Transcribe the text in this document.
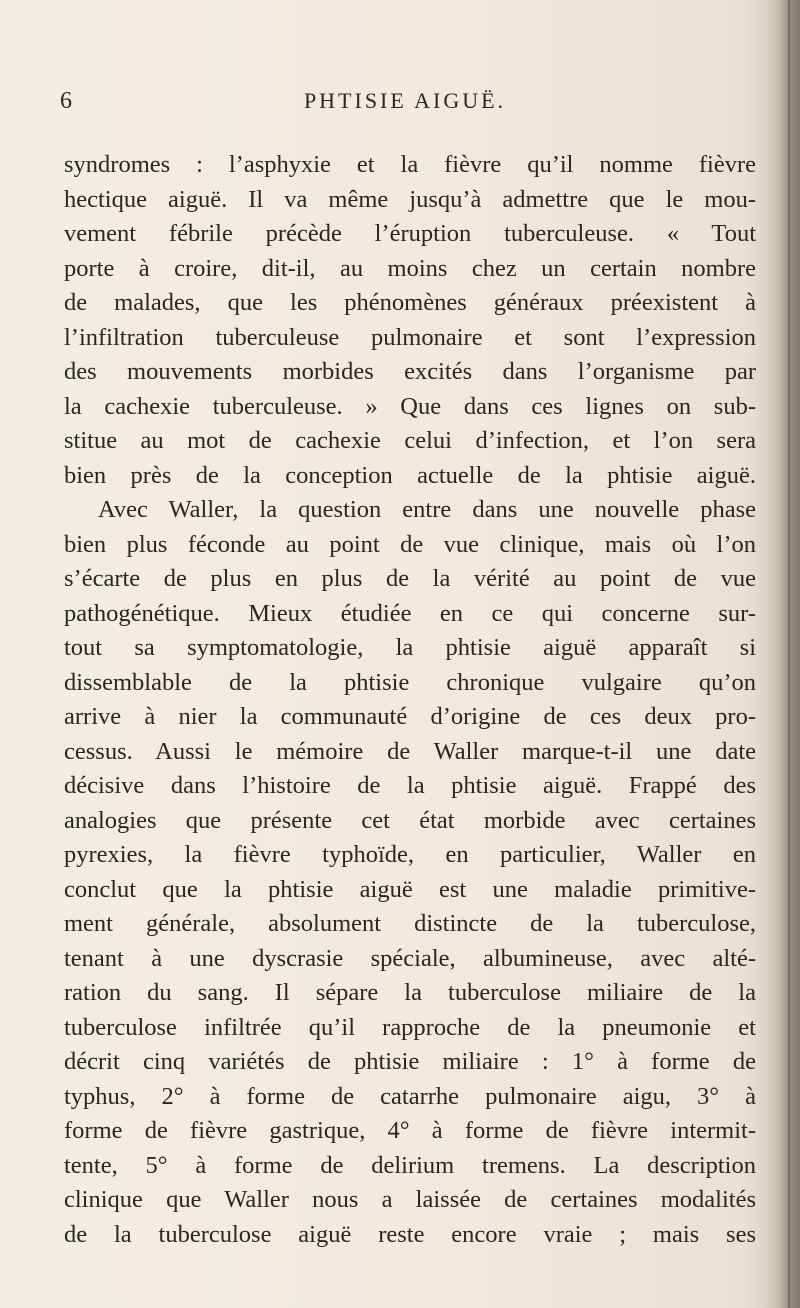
6	PHTISIE AIGUË.
syndromes : l’asphyxie et la fièvre qu’il nomme fièvre
hectique aiguë. Il va même jusqu’à admettre que le mou-
vement fébrile précède l’éruption tuberculeuse. « Tout
porte à croire, dit-il, au moins chez un certain nombre
de malades, que les phénomènes généraux préexistent à
l’infiltration tuberculeuse pulmonaire et sont l’expression
des mouvements morbides excités dans l’organisme par
la cachexie tuberculeuse. » Que dans ces lignes on sub-
stitue au mot de cachexie celui d’infection, et l’on sera
bien près de la conception actuelle de la phtisie aiguë.
Avec Waller, la question entre dans une nouvelle phase
bien plus féconde au point de vue clinique, mais où l’on
s’écarte de plus en plus de la vérité au point de vue
pathogénétique. Mieux étudiée en ce qui concerne sur-
tout sa symptomatologie, la phtisie aiguë apparaît si
dissemblable de la phtisie chronique vulgaire qu’on
arrive à nier la communauté d’origine de ces deux pro-
cessus. Aussi le mémoire de Waller marque-t-il une date
décisive dans l’histoire de la phtisie aiguë. Frappé des
analogies que présente cet état morbide avec certaines
pyrexies, la fièvre typhoïde, en particulier, Waller en
conclut que la phtisie aiguë est une maladie primitive-
ment générale, absolument distincte de la tuberculose,
tenant à une dyscrasie spéciale, albumineuse, avec alté-
ration du sang. Il sépare la tuberculose miliaire de la
tuberculose infiltrée qu’il rapproche de la pneumonie et
décrit cinq variétés de phtisie miliaire : 1° à forme de
typhus, 2° à forme de catarrhe pulmonaire aigu, 3° à
forme de fièvre gastrique, 4° à forme de fièvre intermit-
tente, 5° à forme de delirium tremens. La description
clinique que Waller nous a laissée de certaines modalités
de la tuberculose aiguë reste encore vraie ; mais ses
